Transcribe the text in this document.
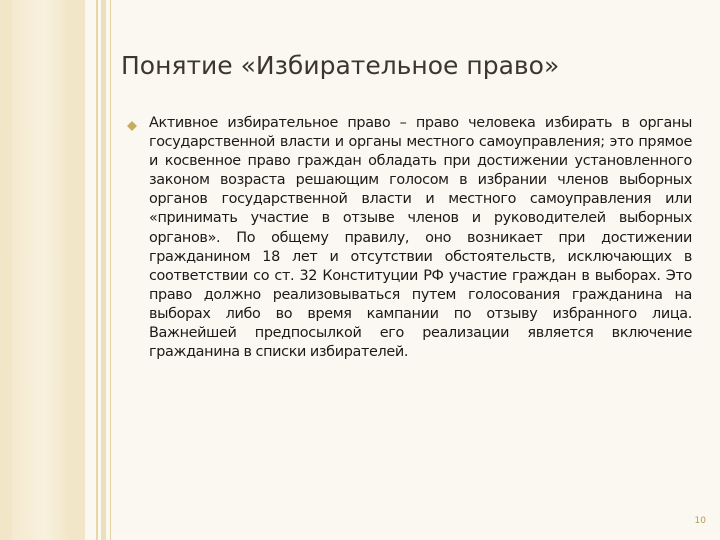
Понятие «Избирательное право»

Активное избирательное право – право человека избирать в органы государственной власти и органы местного самоуправления; это прямое и косвенное право граждан обладать при достижении установленного законом возраста решающим голосом в избрании членов выборных органов государственной власти и местного самоуправления или «принимать участие в отзыве членов и руководителей выборных органов». По общему правилу, оно возникает при достижении гражданином 18 лет и отсутствии обстоятельств, исключающих в соответствии со ст. 32 Конституции РФ участие граждан в выборах. Это право должно реализовываться путем голосования гражданина на выборах либо во время кампании по отзыву избранного лица. Важнейшей предпосылкой его реализации является включение гражданина в списки избирателей.

10
